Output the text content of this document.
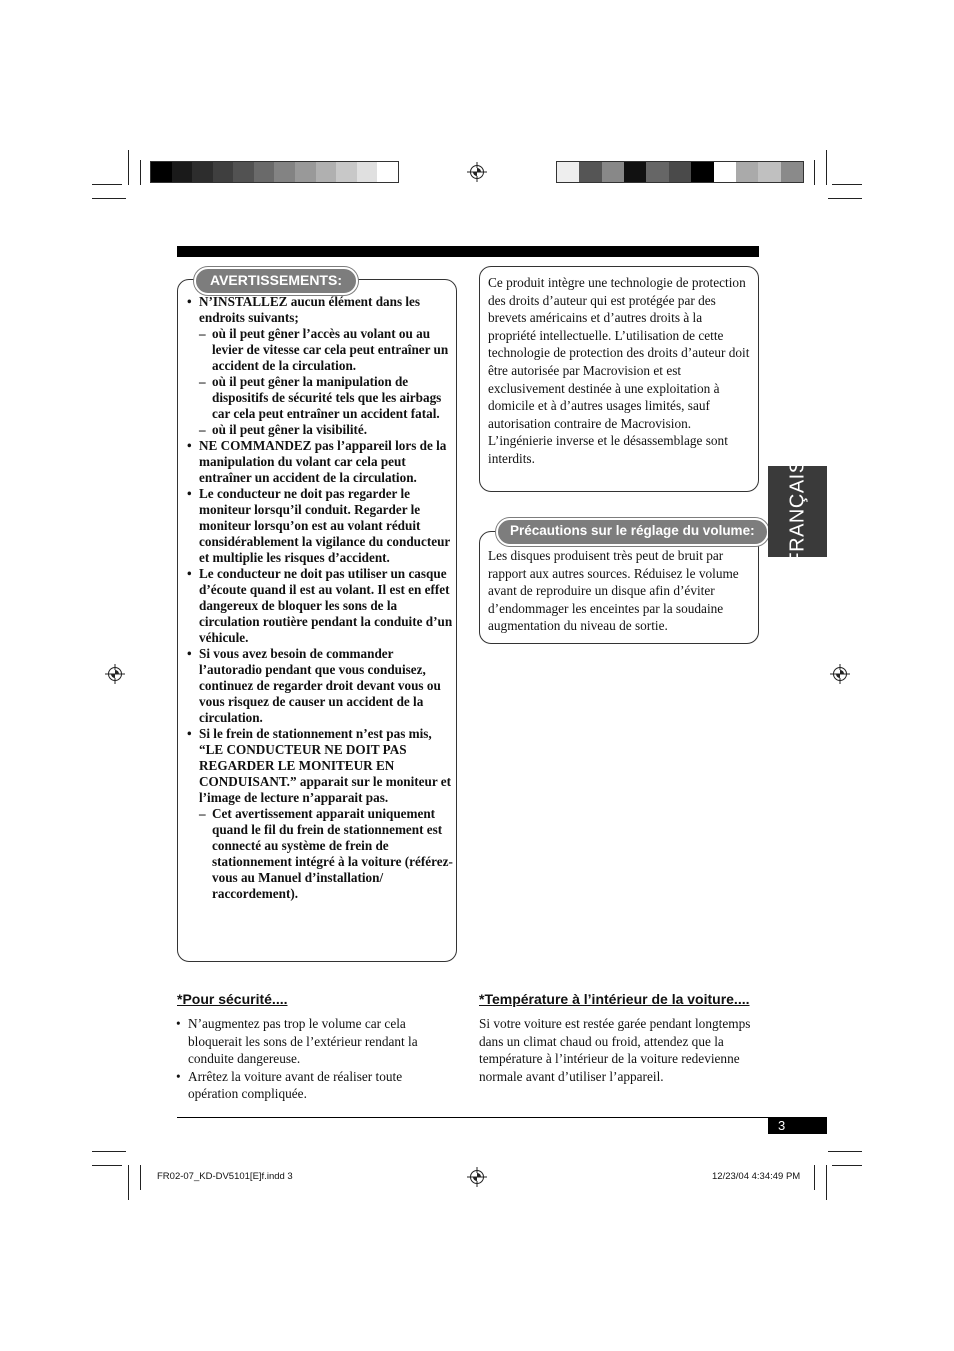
AVERTISSEMENTS:
• N’INSTALLEZ aucun élément dans les endroits suivants;
– où il peut gêner l’accès au volant ou au levier de vitesse car cela peut entraîner un accident de la circulation.
– où il peut gêner la manipulation de dispositifs de sécurité tels que les airbags car cela peut entraîner un accident fatal.
– où il peut gêner la visibilité.
• NE COMMANDEZ pas l’appareil lors de la manipulation du volant car cela peut entraîner un accident de la circulation.
• Le conducteur ne doit pas regarder le moniteur lorsqu’il conduit. Regarder le moniteur lorsqu’on est au volant réduit considérablement la vigilance du conducteur et multiplie les risques d’accident.
• Le conducteur ne doit pas utiliser un casque d’écoute quand il est au volant. Il est en effet dangereux de bloquer les sons de la circulation routière pendant la conduite d’un véhicule.
• Si vous avez besoin de commander l’autoradio pendant que vous conduisez, continuez de regarder droit devant vous ou vous risquez de causer un accident de la circulation.
• Si le frein de stationnement n’est pas mis, “LE CONDUCTEUR NE DOIT PAS REGARDER LE MONITEUR EN CONDUISANT.” apparait sur le moniteur et l’image de lecture n’apparait pas.
– Cet avertissement apparait uniquement quand le fil du frein de stationnement est connecté au système de frein de stationnement intégré à la voiture (référez-vous au Manuel d’installation/ raccordement).
Ce produit intègre une technologie de protection des droits d’auteur qui est protégée par des brevets américains et d’autres droits à la propriété intellectuelle. L’utilisation de cette technologie de protection des droits d’auteur doit être autorisée par Macrovision et est exclusivement destinée à une exploitation à domicile et à d’autres usages limités, sauf autorisation contraire de Macrovision. L’ingénierie inverse et le désassemblage sont interdits.
Précautions sur le réglage du volume:
Les disques produisent très peut de bruit par rapport aux autres sources. Réduisez le volume avant de reproduire un disque afin d’éviter d’endommager les enceintes par la soudaine augmentation du niveau de sortie.
FRANÇAIS
*Pour sécurité....
• N’augmentez pas trop le volume car cela bloquerait les sons de l’extérieur rendant la conduite dangereuse.
• Arrêtez la voiture avant de réaliser toute opération compliquée.
*Température à l’intérieur de la voiture....
Si votre voiture est restée garée pendant longtemps dans un climat chaud ou froid, attendez que la température à l’intérieur de la voiture redevienne normale avant d’utiliser l’appareil.
3
FR02-07_KD-DV5101[E]f.indd 3	12/23/04 4:34:49 PM
